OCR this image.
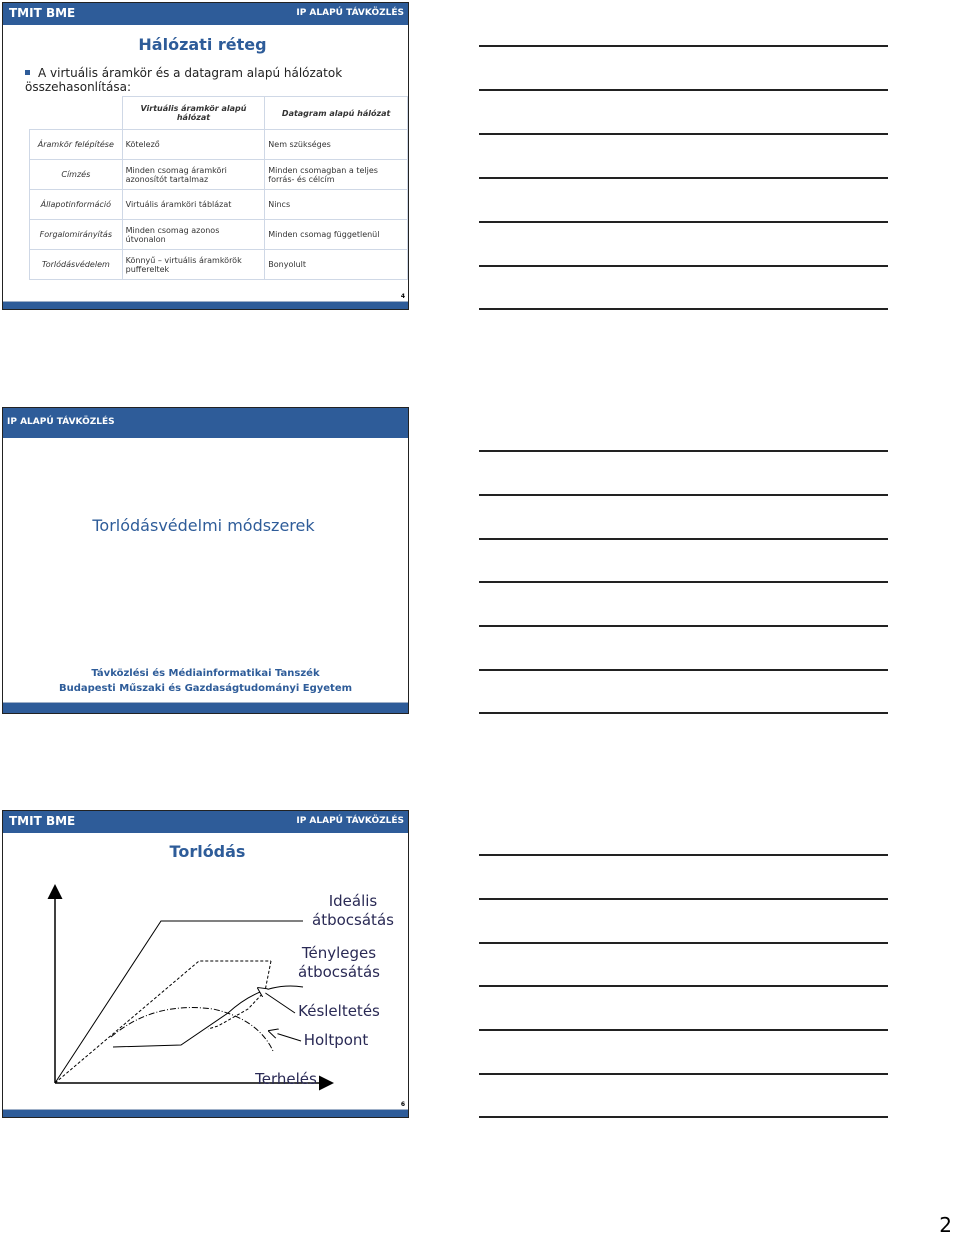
TMIT BME	IP ALAPÚ TÁVKÖZLÉS
Hálózati réteg
A virtuális áramkör és a datagram alapú hálózatok összehasonlítása:
	Virtuális áramkör alapú hálózat	Datagram alapú hálózat
Áramkör felépítése	Kötelező	Nem szükséges
Címzés	Minden csomag áramköri azonosítót tartalmaz	Minden csomagban a teljes forrás- és célcím
Állapotinformáció	Virtuális áramköri táblázat	Nincs
Forgalomirányítás	Minden csomag azonos útvonalon	Minden csomag függetlenül
Torlódásvédelem	Könnyű – virtuális áramkörök puffereltek	Bonyolult
4
IP ALAPÚ TÁVKÖZLÉS
Torlódásvédelmi módszerek
Távközlési és Médiainformatikai Tanszék
Budapesti Műszaki és Gazdaságtudományi Egyetem
TMIT BME	IP ALAPÚ TÁVKÖZLÉS
Torlódás
Ideális
átbocsátás
Tényleges
átbocsátás
Késleltetés
Holtpont
Terhelés
6
2
